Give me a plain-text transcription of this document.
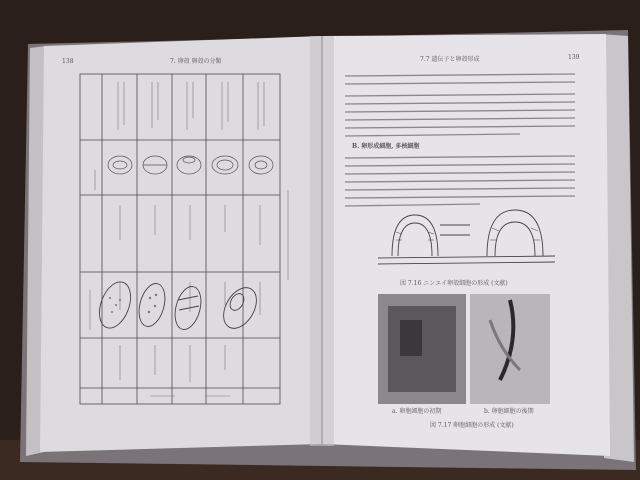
138	7. 卵殻 卵殻の分類	7.7 遺伝子と卵殻形成	139
B. 卵形成細胞, 多核細胞
図 7.16 ニンエイ卵殻細胞の形成 (文献)
a. 卵胞細胞の初期	b. 卵胞細胞の後期
図 7.17 卵胞細胞の形成 (文献)
